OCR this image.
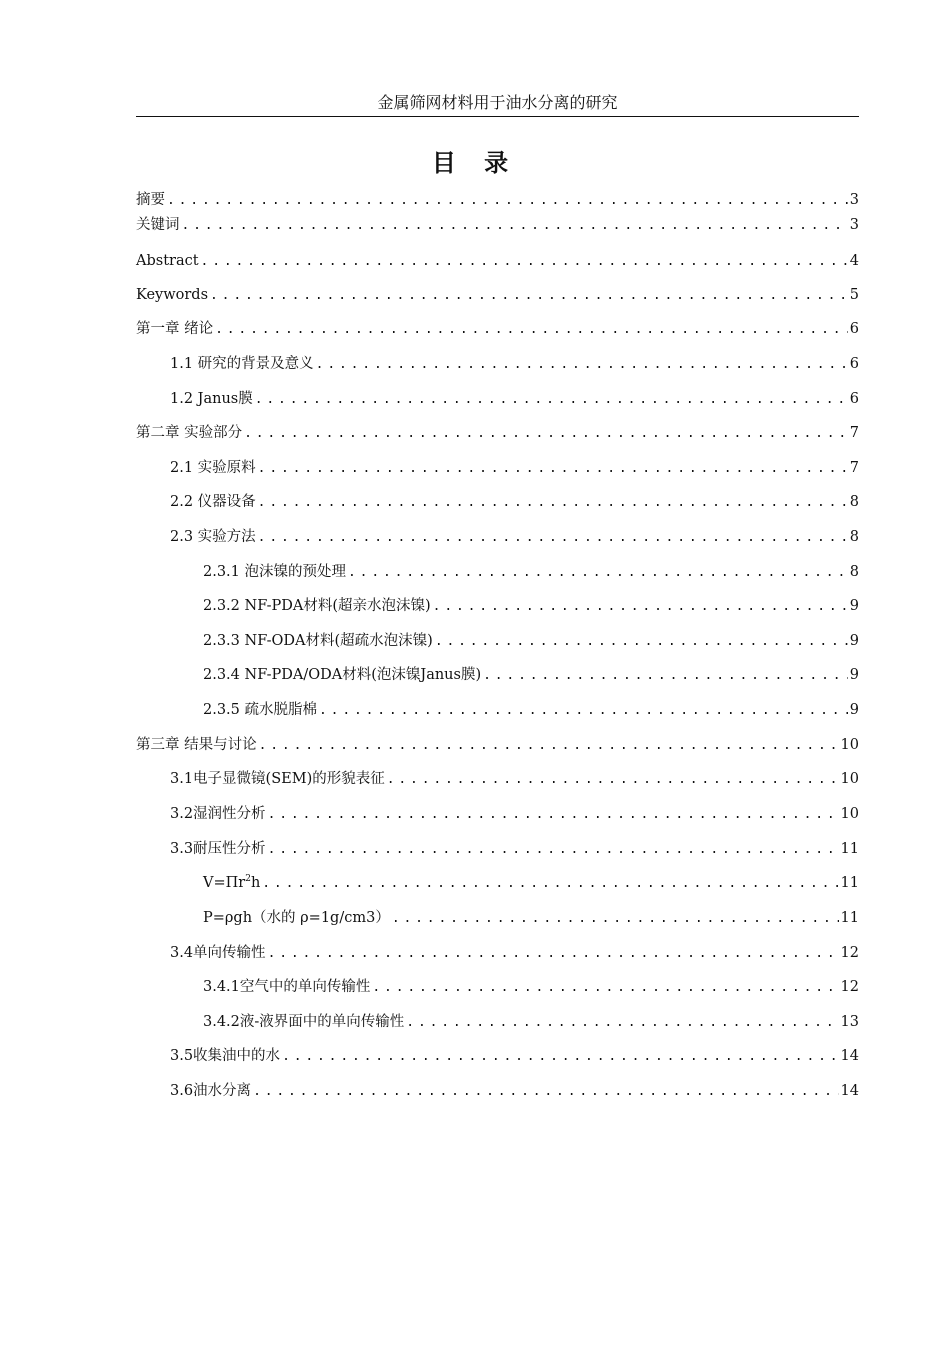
金属筛网材料用于油水分离的研究
目 录
摘要 . . .	3
关键词 . . .	3
Abstract . . .	4
Keywords . . .	5
第一章 绪论 . . .	6
1.1 研究的背景及意义 . . .	6
1.2 Janus膜 . . .	6
第二章 实验部分 . . .	7
2.1 实验原料 . . .	7
2.2 仪器设备 . . .	8
2.3 实验方法 . . .	8
2.3.1 泡沫镍的预处理 . . .	8
2.3.2 NF-PDA材料(超亲水泡沫镍) . . .	9
2.3.3 NF-ODA材料(超疏水泡沫镍) . . .	9
2.3.4 NF-PDA/ODA材料(泡沫镍Janus膜) . . .	9
2.3.5 疏水脱脂棉 . . .	9
第三章 结果与讨论 . . .	10
3.1电子显微镜(SEM)的形貌表征 . . .	10
3.2湿润性分析 . . .	10
3.3耐压性分析 . . .	11
$V=\Pi r^2h$ . . .	11
P=ρgh（水的 ρ=1g/cm3） . . .	11
3.4单向传输性 . . .	12
3.4.1空气中的单向传输性 . . .	12
3.4.2液-液界面中的单向传输性 . . .	13
3.5收集油中的水 . . .	14
3.6油水分离 . . .	14
